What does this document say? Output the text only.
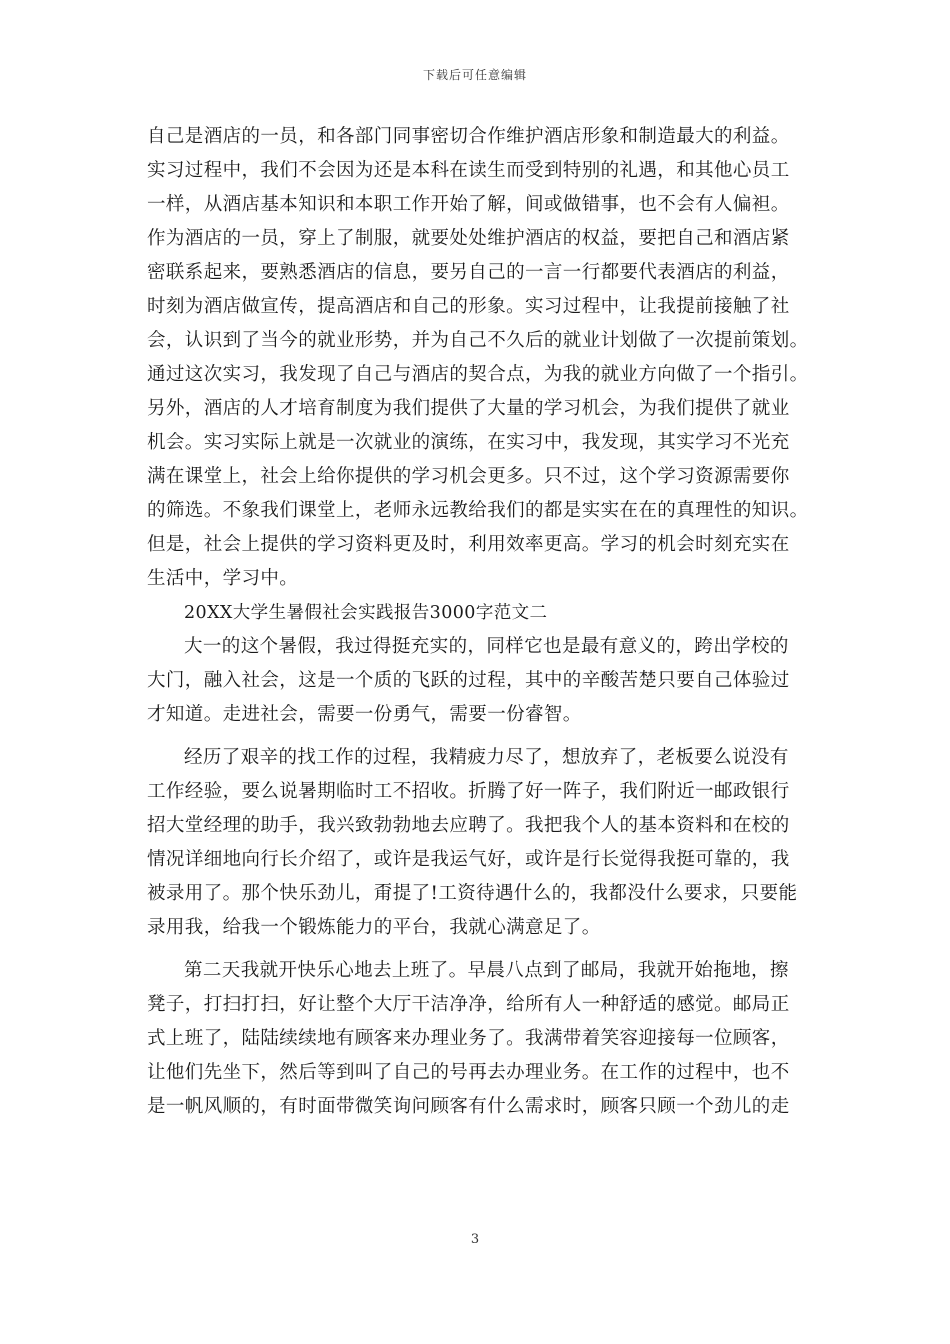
下载后可任意编辑
自己是酒店的一员，和各部门同事密切合作维护酒店形象和制造最大的利益。
实习过程中，我们不会因为还是本科在读生而受到特别的礼遇，和其他心员工
一样，从酒店基本知识和本职工作开始了解，间或做错事，也不会有人偏袒。
作为酒店的一员，穿上了制服，就要处处维护酒店的权益，要把自己和酒店紧
密联系起来，要熟悉酒店的信息，要另自己的一言一行都要代表酒店的利益，
时刻为酒店做宣传，提高酒店和自己的形象。实习过程中，让我提前接触了社
会，认识到了当今的就业形势，并为自己不久后的就业计划做了一次提前策划。
通过这次实习，我发现了自己与酒店的契合点，为我的就业方向做了一个指引。
另外，酒店的人才培育制度为我们提供了大量的学习机会，为我们提供了就业
机会。实习实际上就是一次就业的演练，在实习中，我发现，其实学习不光充
满在课堂上，社会上给你提供的学习机会更多。只不过，这个学习资源需要你
的筛选。不象我们课堂上，老师永远教给我们的都是实实在在的真理性的知识。
但是，社会上提供的学习资料更及时，利用效率更高。学习的机会时刻充实在
生活中，学习中。
20XX大学生暑假社会实践报告3000字范文二
大一的这个暑假，我过得挺充实的，同样它也是最有意义的，跨出学校的
大门，融入社会，这是一个质的飞跃的过程，其中的辛酸苦楚只要自己体验过
才知道。走进社会，需要一份勇气，需要一份睿智。
经历了艰辛的找工作的过程，我精疲力尽了，想放弃了，老板要么说没有
工作经验，要么说暑期临时工不招收。折腾了好一阵子，我们附近一邮政银行
招大堂经理的助手，我兴致勃勃地去应聘了。我把我个人的基本资料和在校的
情况详细地向行长介绍了，或许是我运气好，或许是行长觉得我挺可靠的，我
被录用了。那个快乐劲儿，甭提了!工资待遇什么的，我都没什么要求，只要能
录用我，给我一个锻炼能力的平台，我就心满意足了。
第二天我就开快乐心地去上班了。早晨八点到了邮局，我就开始拖地，擦
凳子，打扫打扫，好让整个大厅干洁净净，给所有人一种舒适的感觉。邮局正
式上班了，陆陆续续地有顾客来办理业务了。我满带着笑容迎接每一位顾客，
让他们先坐下，然后等到叫了自己的号再去办理业务。在工作的过程中，也不
是一帆风顺的，有时面带微笑询问顾客有什么需求时，顾客只顾一个劲儿的走
3
